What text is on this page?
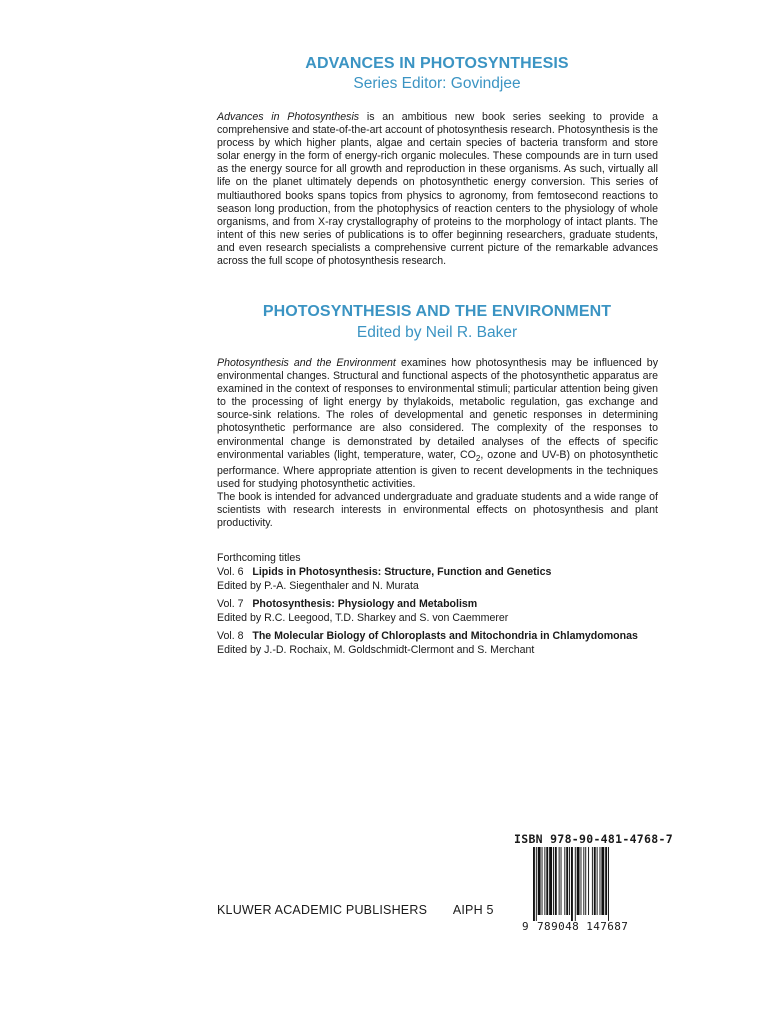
ADVANCES IN PHOTOSYNTHESIS
Series Editor: Govindjee

Advances in Photosynthesis is an ambitious new book series seeking to provide a comprehensive and state-of-the-art account of photosynthesis research. Photosynthesis is the process by which higher plants, algae and certain species of bacteria transform and store solar energy in the form of energy-rich organic molecules. These compounds are in turn used as the energy source for all growth and reproduction in these organisms. As such, virtually all life on the planet ultimately depends on photosynthetic energy conversion. This series of multiauthored books spans topics from physics to agronomy, from femtosecond reactions to season long production, from the photophysics of reaction centers to the physiology of whole organisms, and from X-ray crystallography of proteins to the morphology of intact plants. The intent of this new series of publications is to offer beginning researchers, graduate students, and even research specialists a comprehensive current picture of the remarkable advances across the full scope of photosynthesis research.

PHOTOSYNTHESIS AND THE ENVIRONMENT
Edited by Neil R. Baker

Photosynthesis and the Environment examines how photosynthesis may be influenced by environmental changes. Structural and functional aspects of the photosynthetic apparatus are examined in the context of responses to environmental stimuli; particular attention being given to the processing of light energy by thylakoids, metabolic regulation, gas exchange and source-sink relations. The roles of developmental and genetic responses in determining photosynthetic performance are also considered. The complexity of the responses to environmental change is demonstrated by detailed analyses of the effects of specific environmental variables (light, temperature, water, $CO_2$, ozone and UV-B) on photosynthetic performance. Where appropriate attention is given to recent developments in the techniques used for studying photosynthetic activities.

The book is intended for advanced undergraduate and graduate students and a wide range of scientists with research interests in environmental effects on photosynthesis and plant productivity.

Forthcoming titles
Vol. 6 Lipids in Photosynthesis: Structure, Function and Genetics
Edited by P.-A. Siegenthaler and N. Murata
Vol. 7 Photosynthesis: Physiology and Metabolism
Edited by R.C. Leegood, T.D. Sharkey and S. von Caemmerer
Vol. 8 The Molecular Biology of Chloroplasts and Mitochondria in Chlamydomonas
Edited by J.-D. Rochaix, M. Goldschmidt-Clermont and S. Merchant
KLUWER ACADEMIC PUBLISHERS AIPH 5
ISBN 978-90-481-4768-7
9 789048 147687
